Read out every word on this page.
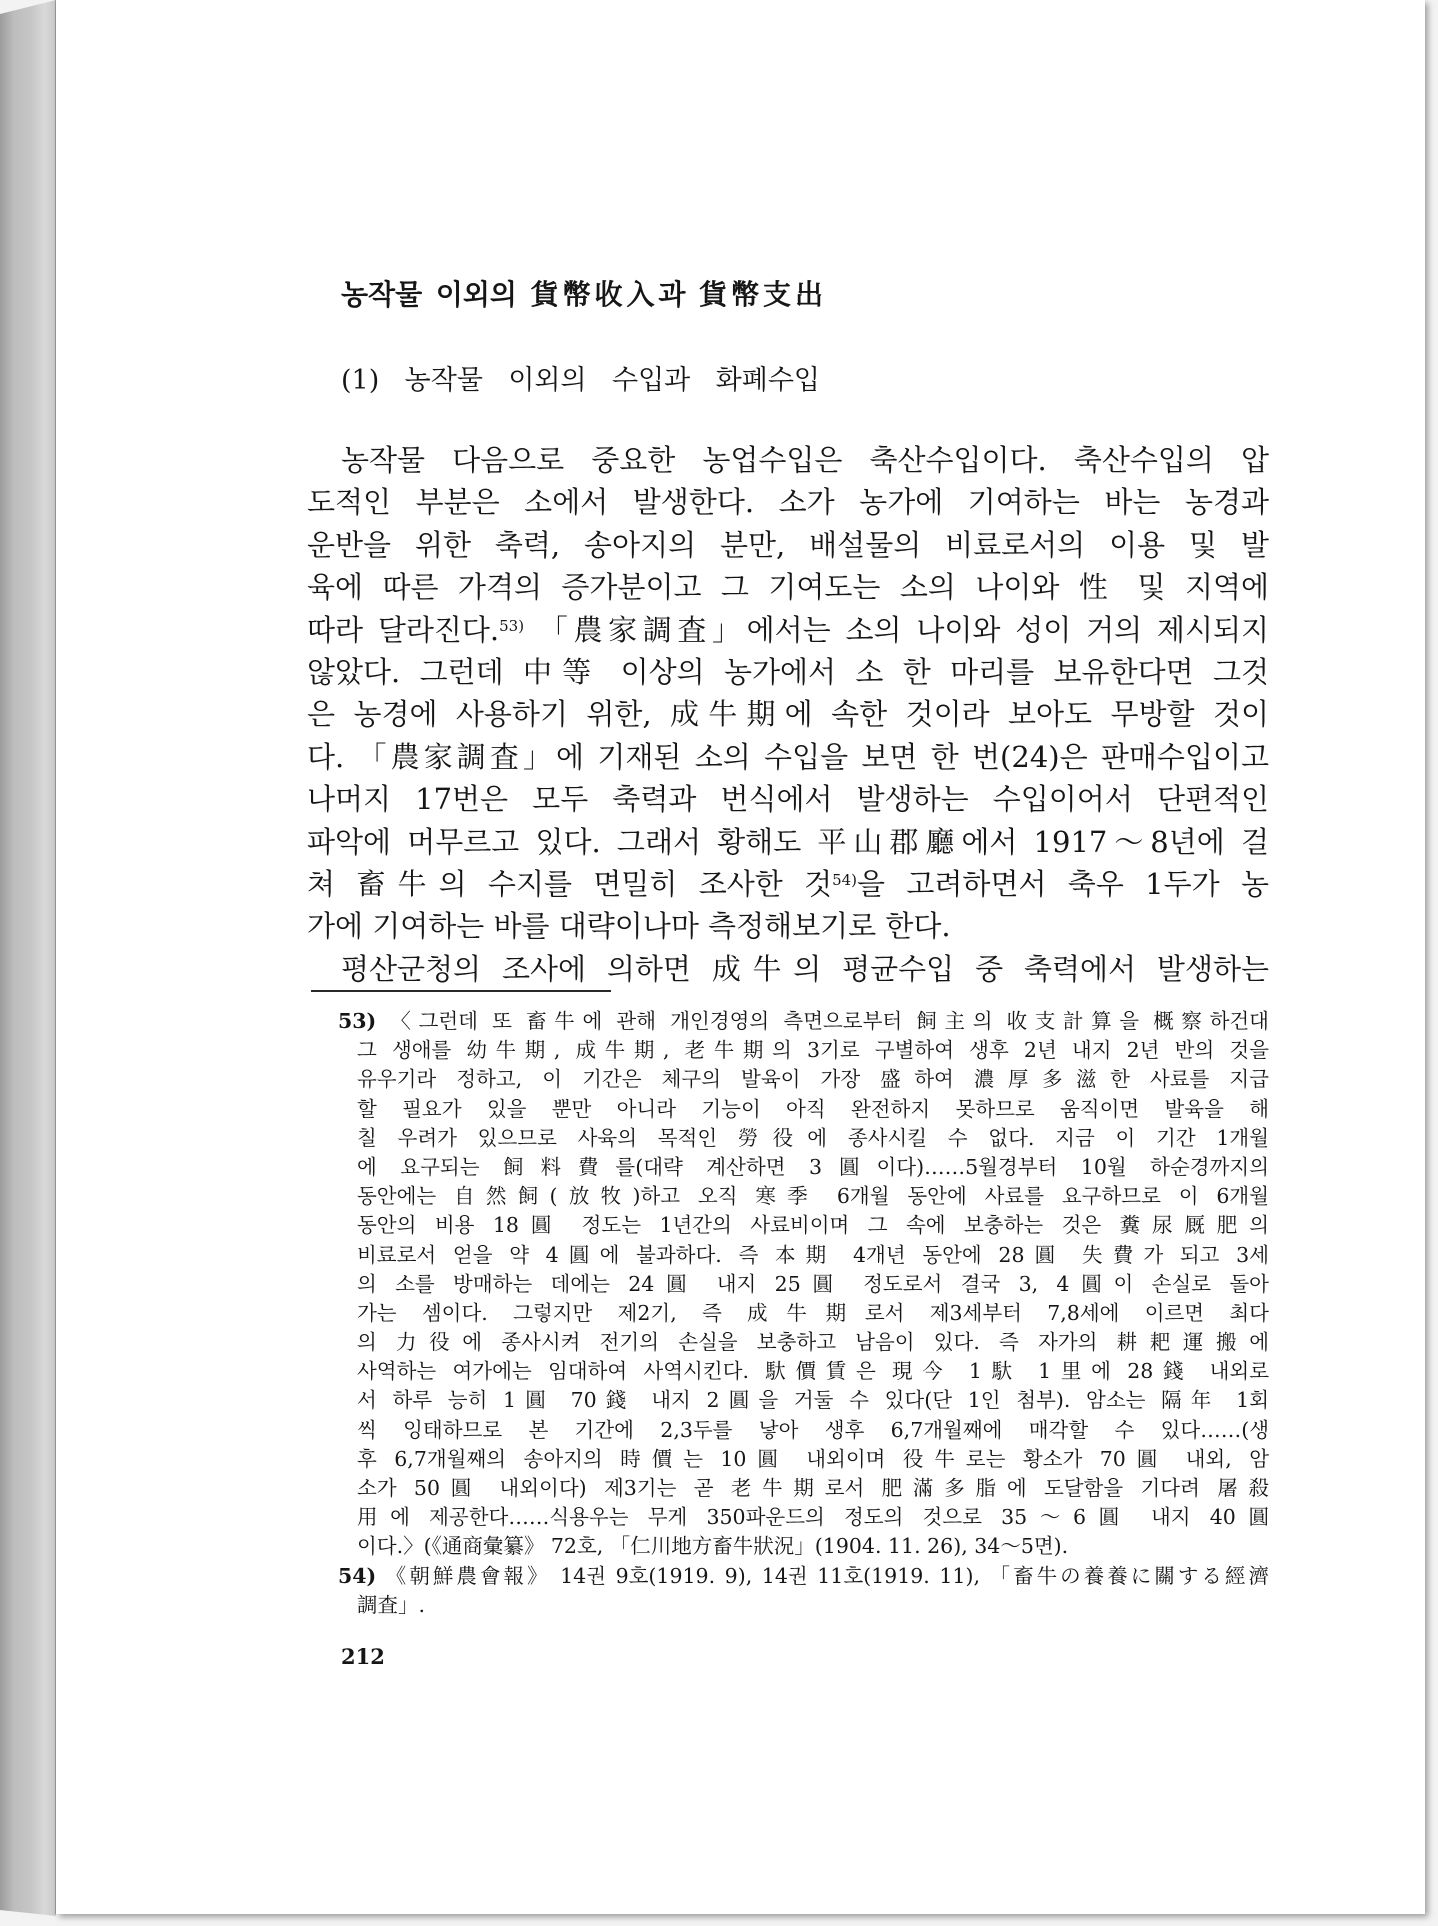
농작물 이외의 貨幣收入과 貨幣支出
(1) 농작물 이외의 수입과 화폐수입
농작물 다음으로 중요한 농업수입은 축산수입이다. 축산수입의 압
도적인 부분은 소에서 발생한다. 소가 농가에 기여하는 바는 농경과
운반을 위한 축력, 송아지의 분만, 배설물의 비료로서의 이용 및 발
육에 따른 가격의 증가분이고 그 기여도는 소의 나이와 性 및 지역에
따라 달라진다.$^{53)}$ 「農家調査」에서는 소의 나이와 성이 거의 제시되지
않았다. 그런데 中等 이상의 농가에서 소 한 마리를 보유한다면 그것
은 농경에 사용하기 위한, 成牛期에 속한 것이라 보아도 무방할 것이
다. 「農家調査」에 기재된 소의 수입을 보면 한 번(24)은 판매수입이고
나머지 17번은 모두 축력과 번식에서 발생하는 수입이어서 단편적인
파악에 머무르고 있다. 그래서 황해도 平山郡廳에서 1917～8년에 걸
쳐 畜牛의 수지를 면밀히 조사한 것$^{54)}$을 고려하면서 축우 1두가 농
가에 기여하는 바를 대략이나마 측정해보기로 한다.
평산군청의 조사에 의하면 成牛의 평균수입 중 축력에서 발생하는
53) 〈그런데 또 畜牛에 관해 개인경영의 측면으로부터 飼主의 收支計算을 概察하건대
그 생애를 幼牛期, 成牛期, 老牛期의 3기로 구별하여 생후 2년 내지 2년 반의 것을
유우기라 정하고, 이 기간은 체구의 발육이 가장 盛하여 濃厚多滋한 사료를 지급
할 필요가 있을 뿐만 아니라 기능이 아직 완전하지 못하므로 움직이면 발육을 해
칠 우려가 있으므로 사육의 목적인 勞役에 종사시킬 수 없다. 지금 이 기간 1개월
에 요구되는 飼料費를(대략 계산하면 3圓이다)……5월경부터 10월 하순경까지의
동안에는 自然飼(放牧)하고 오직 寒季 6개월 동안에 사료를 요구하므로 이 6개월
동안의 비용 18圓 정도는 1년간의 사료비이며 그 속에 보충하는 것은 糞尿厩肥의
비료로서 얻을 약 4圓에 불과하다. 즉 本期 4개년 동안에 28圓 失費가 되고 3세
의 소를 방매하는 데에는 24圓 내지 25圓 정도로서 결국 3, 4圓이 손실로 돌아
가는 셈이다. 그렇지만 제2기, 즉 成牛期로서 제3세부터 7,8세에 이르면 최다
의 力役에 종사시켜 전기의 손실을 보충하고 남음이 있다. 즉 자가의 耕耙運搬에
사역하는 여가에는 임대하여 사역시킨다. 馱價賃은 現今 1馱 1里에 28錢 내외로
서 하루 능히 1圓 70錢 내지 2圓을 거둘 수 있다(단 1인 첨부). 암소는 隔年 1회
씩 잉태하므로 본 기간에 2,3두를 낳아 생후 6,7개월째에 매각할 수 있다……(생
후 6,7개월째의 송아지의 時價는 10圓 내외이며 役牛로는 황소가 70圓 내외, 암
소가 50圓 내외이다) 제3기는 곧 老牛期로서 肥滿多脂에 도달함을 기다려 屠殺
用에 제공한다……식용우는 무게 350파운드의 정도의 것으로 35～6圓 내지 40圓
이다.〉(《通商彙纂》 72호, 「仁川地方畜牛狀況」(1904. 11. 26), 34～5면).
54) 《朝鮮農會報》 14권 9호(1919. 9), 14권 11호(1919. 11), 「畜牛の養養に關する經濟
調査」.
212
